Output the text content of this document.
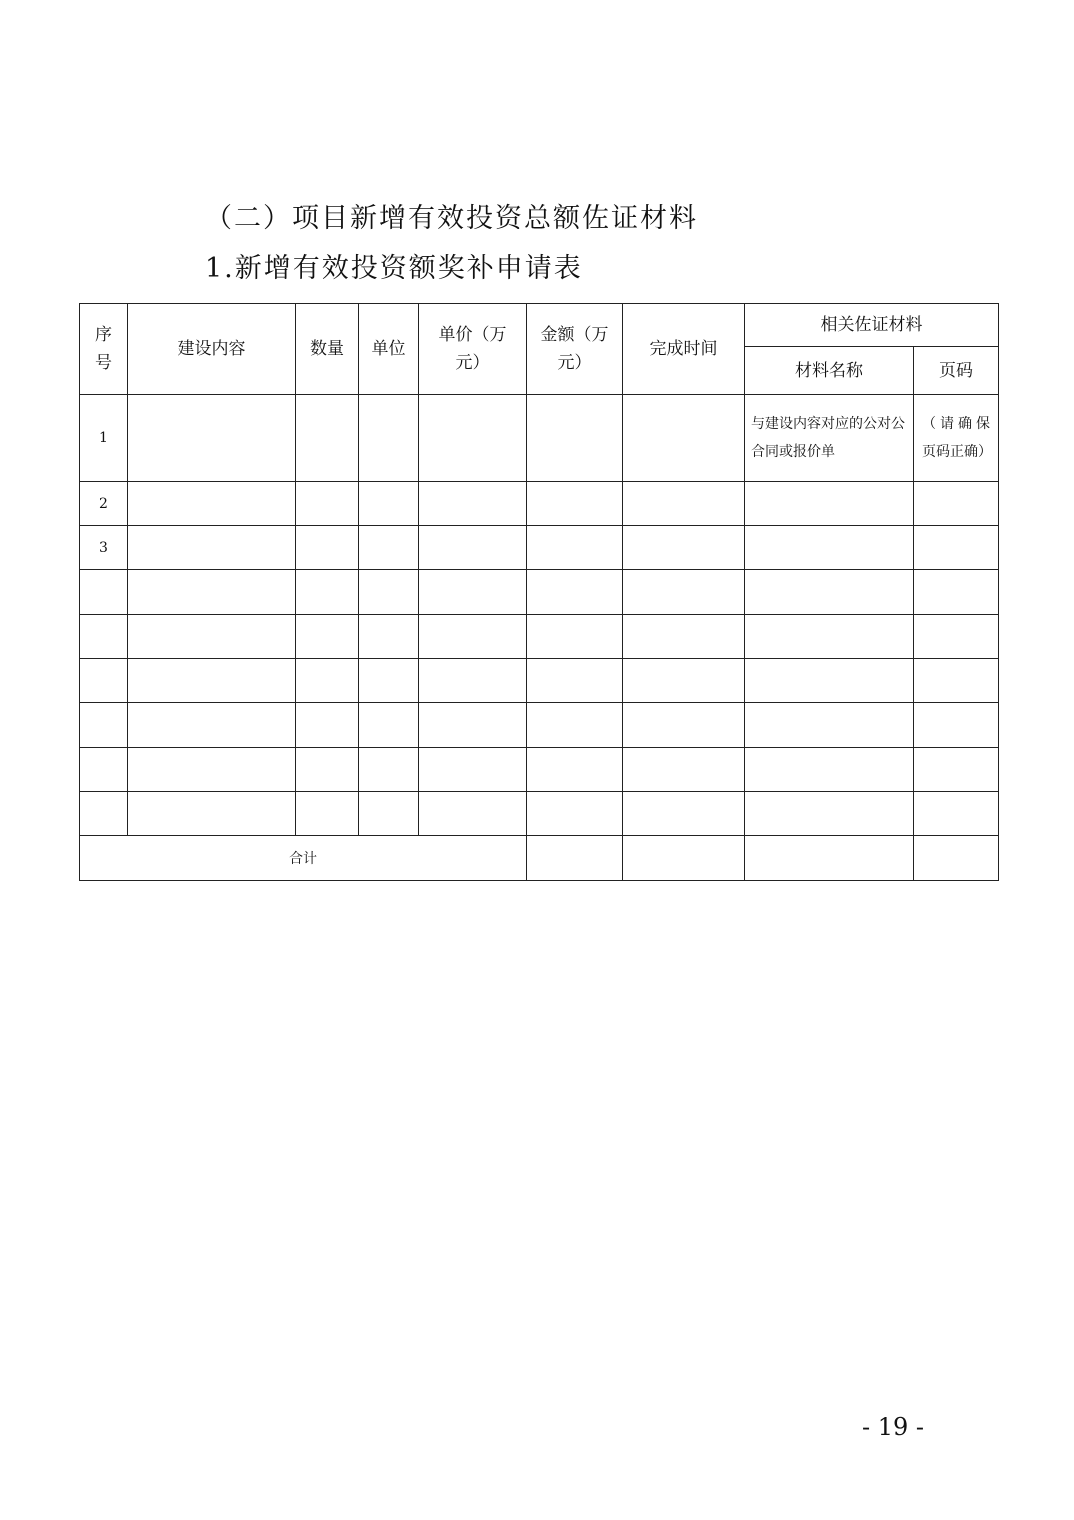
（二）项目新增有效投资总额佐证材料
1.新增有效投资额奖补申请表
序号	建设内容	数量	单位	单价（万元）	金额（万元）	完成时间	相关佐证材料	
							材料名称	页码
1							与建设内容对应的公对公合同或报价单	（请确保页码正确）
2								
3								

合计								
- 19 -
